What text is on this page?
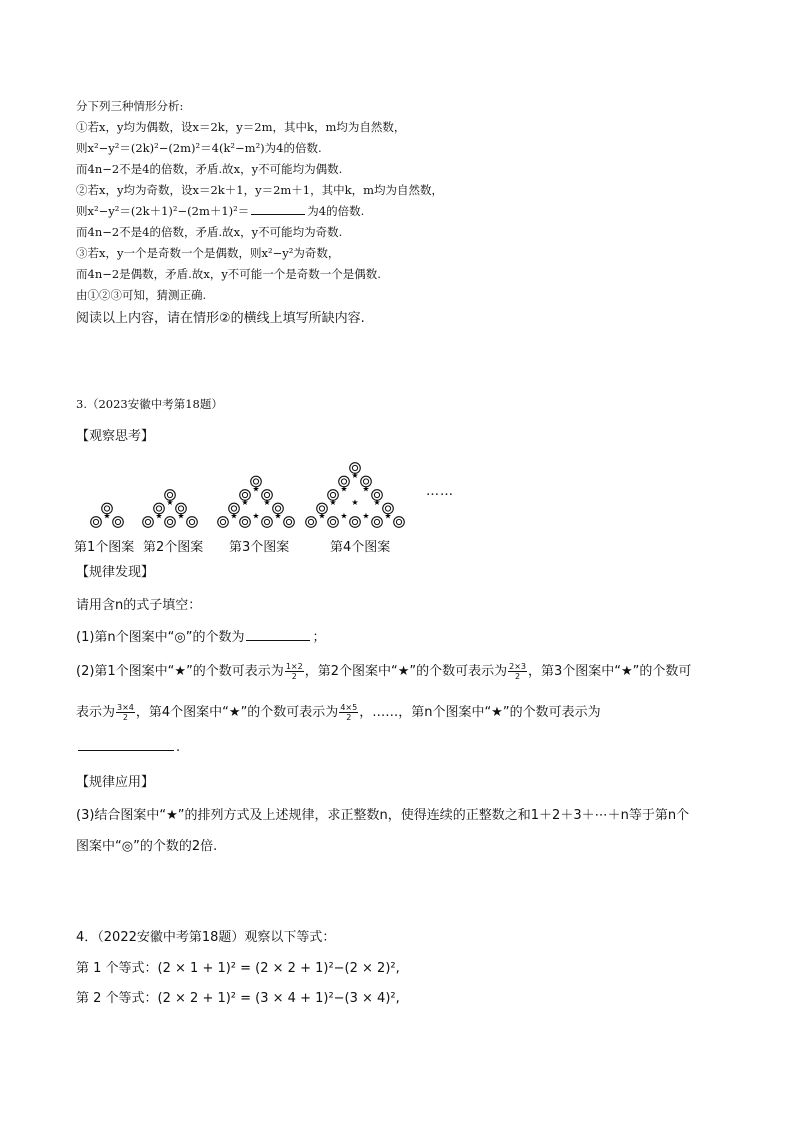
分下列三种情形分析:
①若x，y均为偶数，设x＝2k，y＝2m，其中k，m均为自然数，
则x²−y²＝(2k)²−(2m)²＝4(k²−m²)为4的倍数.
而4n−2不是4的倍数，矛盾.故x，y不可能均为偶数.
②若x，y均为奇数，设x＝2k＋1，y＝2m＋1，其中k，m均为自然数，
则x²−y²＝(2k＋1)²−(2m＋1)²＝	为4的倍数.
而4n−2不是4的倍数，矛盾.故x，y不可能均为奇数.
③若x，y一个是奇数一个是偶数，则x²−y²为奇数，
而4n−2是偶数，矛盾.故x，y不可能一个是奇数一个是偶数.
由①②③可知，猜测正确.
阅读以上内容，请在情形②的横线上填写所缺内容.
3.（2023安徽中考第18题）
【观察思考】
★
★
★ ★
★
★ ★
★ ★ ★
★
★ ★
★ ★ ★
★ ★ ★ ★
……
第1个图案 第2个图案 第3个图案	第4个图案
【规律发现】
请用含n的式子填空：
(1)第n个图案中“◎”的个数为	；
(2)第1个图案中“★”的个数可表示为 $\frac{1\times 2}{2}$ ，第2个图案中“★”的个数可表示为 $\frac{2\times 3}{2}$ ，第3个图案中“★”的个数可
表示为 $\frac{3\times 4}{2}$ ，第4个图案中“★”的个数可表示为 $\frac{4\times 5}{2}$ ，……，第n个图案中“★”的个数可表示为
.
【规律应用】
(3)结合图案中“★”的排列方式及上述规律，求正整数n，使得连续的正整数之和1＋2＋3＋⋯＋n等于第n个
图案中“◎”的个数的2倍.
4．（2022安徽中考第18题）观察以下等式：
第 1 个等式：(2 × 1 + 1)² = (2 × 2 + 1)²−(2 × 2)²,
第 2 个等式：(2 × 2 + 1)² = (3 × 4 + 1)²−(3 × 4)²,
